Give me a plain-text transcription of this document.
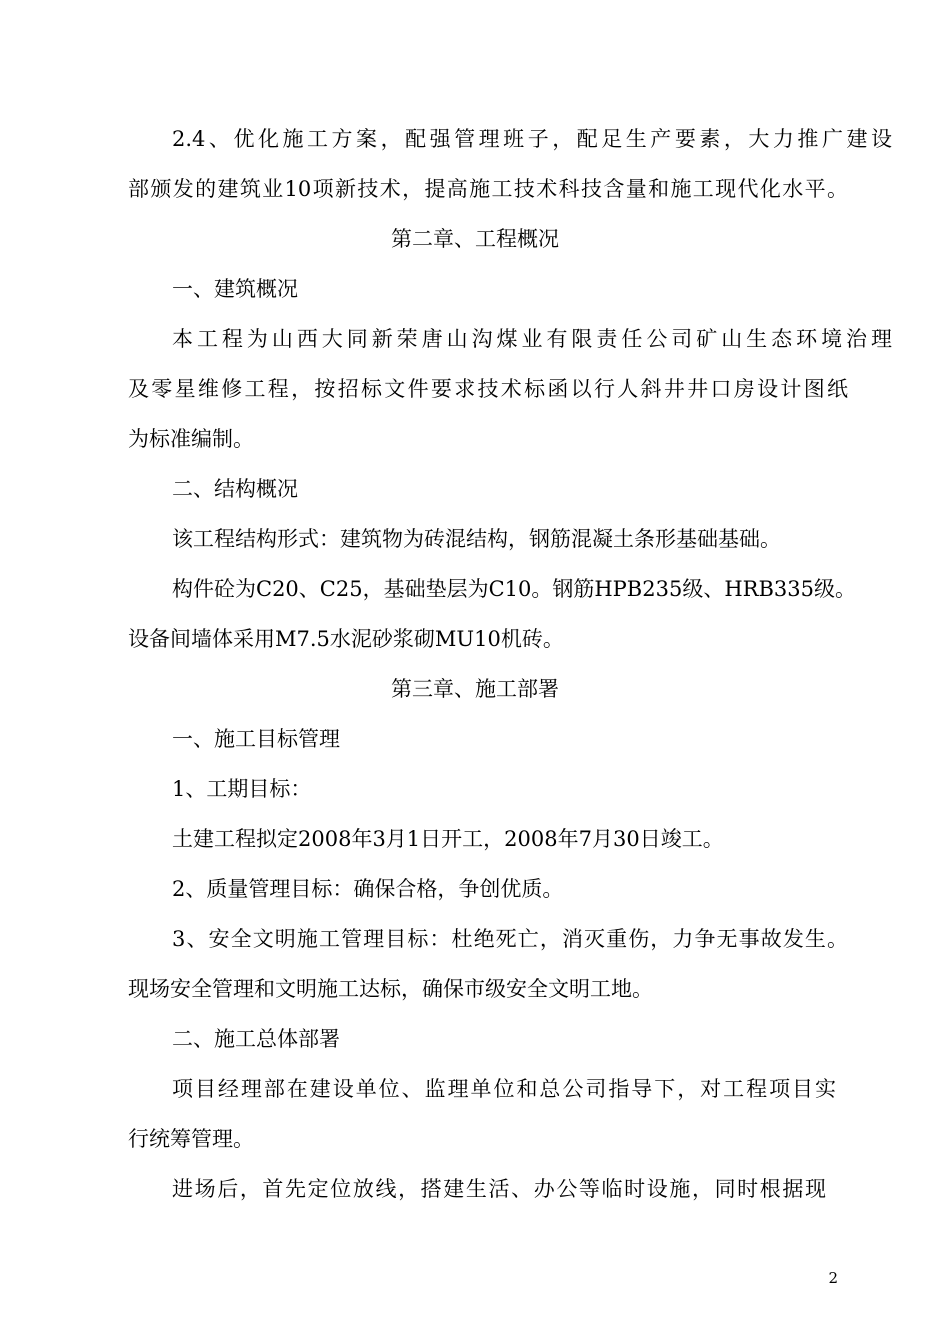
2.4、优化施工方案，配强管理班子，配足生产要素，大力推广建设
部颁发的建筑业10项新技术，提高施工技术科技含量和施工现代化水平。
第二章、工程概况
一、建筑概况
本工程为山西大同新荣唐山沟煤业有限责任公司矿山生态环境治理
及零星维修工程，按招标文件要求技术标函以行人斜井井口房设计图纸
为标准编制。
二、结构概况
该工程结构形式：建筑物为砖混结构，钢筋混凝土条形基础基础。
构件砼为C20、C25，基础垫层为C10。钢筋HPB235级、HRB335级。
设备间墙体采用M7.5水泥砂浆砌MU10机砖。
第三章、施工部署
一、施工目标管理
1、工期目标：
土建工程拟定2008年3月1日开工，2008年7月30日竣工。
2、质量管理目标：确保合格，争创优质。
3、安全文明施工管理目标：杜绝死亡，消灭重伤，力争无事故发生。
现场安全管理和文明施工达标，确保市级安全文明工地。
二、施工总体部署
项目经理部在建设单位、监理单位和总公司指导下，对工程项目实
行统筹管理。
进场后，首先定位放线，搭建生活、办公等临时设施，同时根据现
2
